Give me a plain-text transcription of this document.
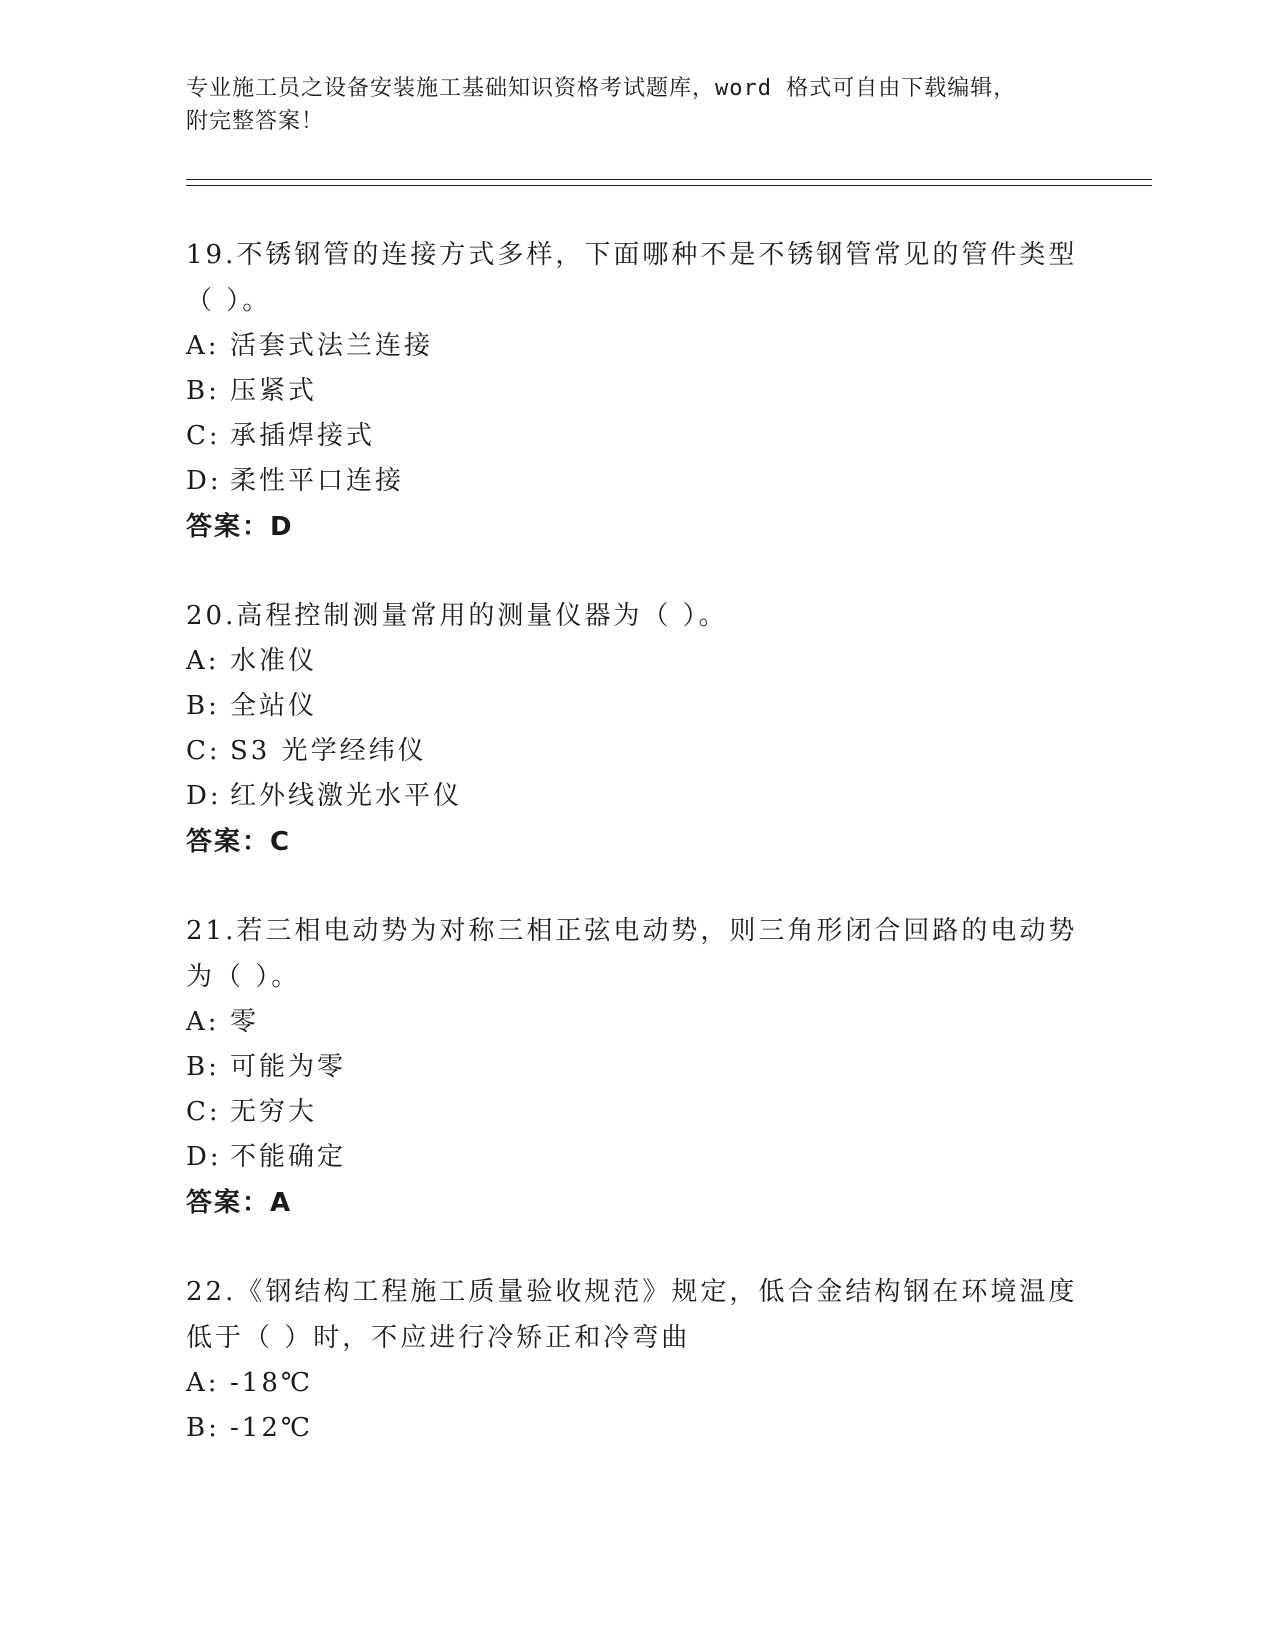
专业施工员之设备安装施工基础知识资格考试题库，word 格式可自由下载编辑，
附完整答案！

19.不锈钢管的连接方式多样，下面哪种不是不锈钢管常见的管件类型
（ ）。

A: 活套式法兰连接

B: 压紧式

C: 承插焊接式

D: 柔性平口连接

答案：D

20.高程控制测量常用的测量仪器为（ ）。

A: 水准仪

B: 全站仪

C: S3 光学经纬仪

D: 红外线激光水平仪

答案：C

21.若三相电动势为对称三相正弦电动势，则三角形闭合回路的电动势
为（ ）。

A: 零

B: 可能为零

C: 无穷大

D: 不能确定

答案：A

22.《钢结构工程施工质量验收规范》规定，低合金结构钢在环境温度
低于（ ）时，不应进行冷矫正和冷弯曲

A: -18℃

B: -12℃
